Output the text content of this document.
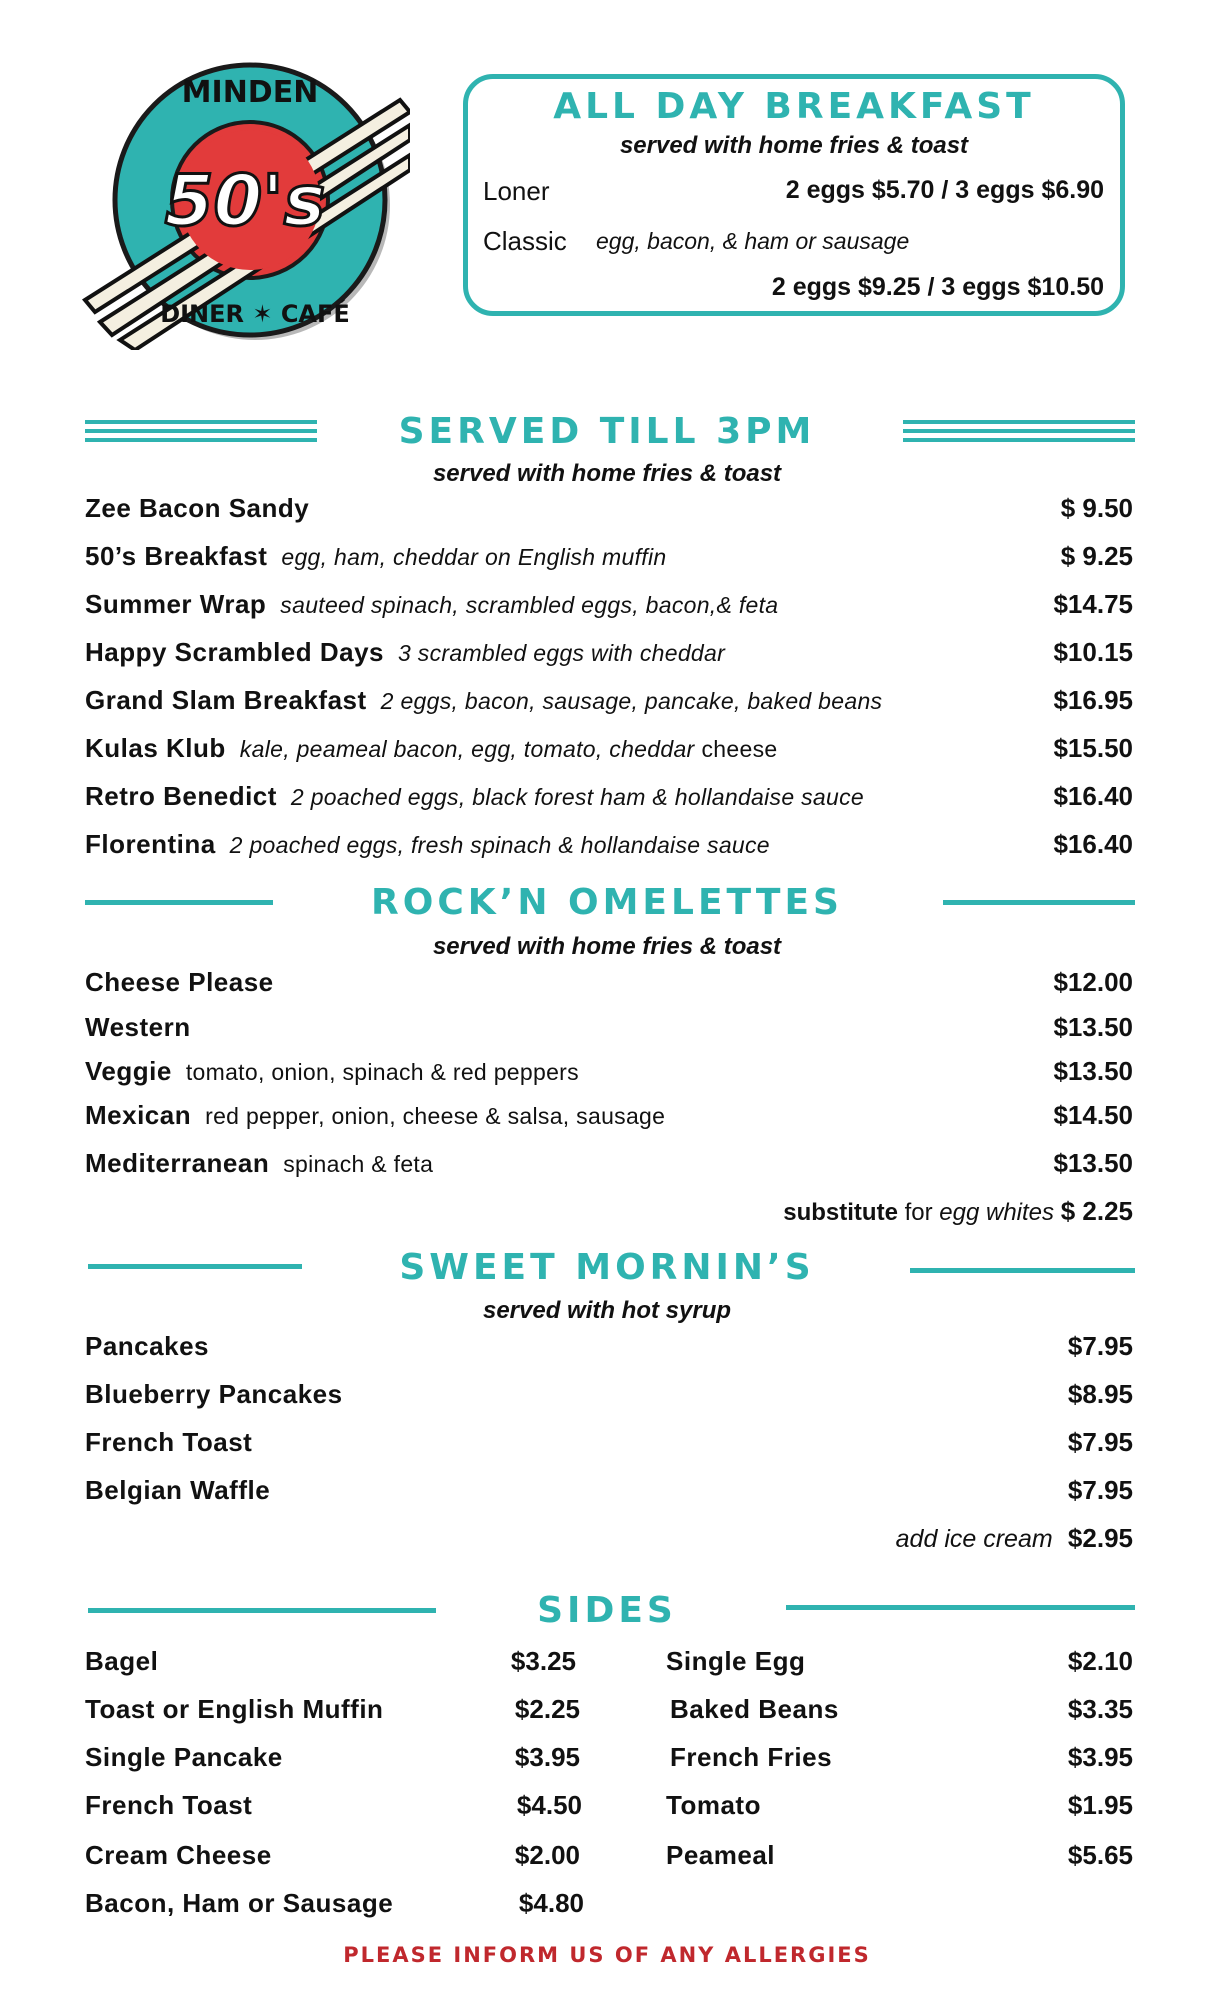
MINDEN
50's
DINER ✶ CAFÉ
ALL DAY BREAKFAST
served with home fries & toast
Loner	2 eggs $5.70 / 3 eggs $6.90
Classic egg, bacon, & ham or sausage
2 eggs $9.25 / 3 eggs $10.50
SERVED TILL 3PM
served with home fries & toast
Zee Bacon Sandy	$ 9.50
50’s Breakfast egg, ham, cheddar on English muffin	$ 9.25
Summer Wrap sauteed spinach, scrambled eggs, bacon,& feta	$14.75
Happy Scrambled Days 3 scrambled eggs with cheddar	$10.15
Grand Slam Breakfast 2 eggs, bacon, sausage, pancake, baked beans	$16.95
Kulas Klub kale, peameal bacon, egg, tomato, cheddar cheese	$15.50
Retro Benedict 2 poached eggs, black forest ham & hollandaise sauce	$16.40
Florentina 2 poached eggs, fresh spinach & hollandaise sauce	$16.40
ROCK’N OMELETTES
served with home fries & toast
Cheese Please	$12.00
Western	$13.50
Veggie tomato, onion, spinach & red peppers	$13.50
Mexican red pepper, onion, cheese & salsa, sausage	$14.50
Mediterranean spinach & feta	$13.50
substitute for egg whites $ 2.25
SWEET MORNIN’S
served with hot syrup
Pancakes	$7.95
Blueberry Pancakes	$8.95
French Toast	$7.95
Belgian Waffle	$7.95
add ice cream $2.95
SIDES
Bagel	$3.25
Toast or English Muffin	$2.25
Single Pancake	$3.95
French Toast	$4.50
Cream Cheese	$2.00
Bacon, Ham or Sausage	$4.80
Single Egg	$2.10
Baked Beans	$3.35
French Fries	$3.95
Tomato	$1.95
Peameal	$5.65
PLEASE INFORM US OF ANY ALLERGIES
